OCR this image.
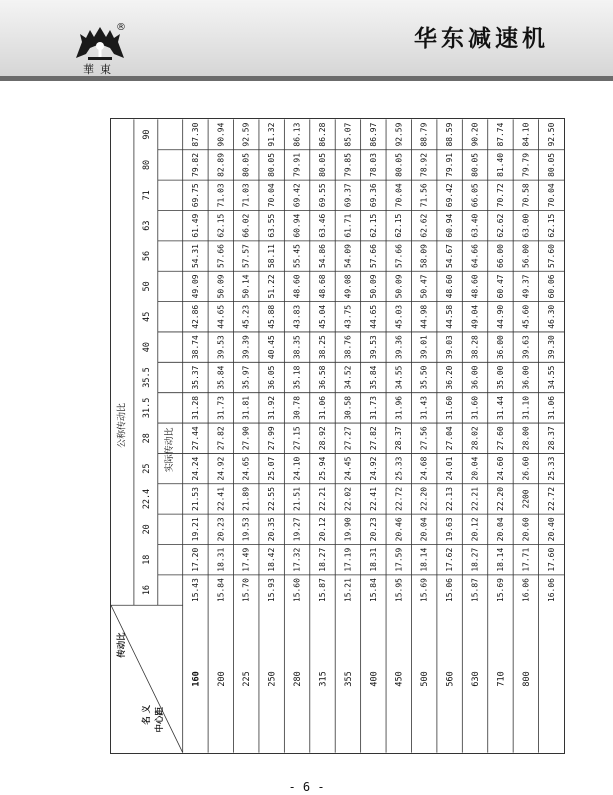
®
華東
华东减速机
公称传动比
实际传动比
16
18
20
22.4
25
28
31.5
35.5
40
45
50
56
63
71
80
90
传动比
名 义 中心距
160
15.43
17.20
19.21
21.53
24.24
27.44
31.28
35.37
38.74
42.86
49.09
54.31
61.49
69.75
79.82
87.30
200
15.84
18.31
20.23
22.41
24.92
27.82
31.73
35.84
39.53
44.65
50.09
57.66
62.15
71.03
82.89
90.94
225
15.70
17.49
19.53
21.89
24.65
27.90
31.81
35.97
39.39
45.23
50.14
57.57
66.02
71.03
80.05
92.59
250
15.93
18.42
20.35
22.55
25.07
27.99
31.92
36.05
40.45
45.88
51.22
58.11
63.55
70.04
80.05
91.32
280
15.60
17.32
19.27
21.51
24.10
27.15
30.78
35.18
38.35
43.83
48.60
55.45
60.94
69.42
79.91
86.13
315
15.87
18.27
20.12
22.21
25.94
28.92
31.06
36.58
38.25
45.04
48.68
54.86
63.46
69.55
80.05
86.28
355
15.21
17.19
19.90
22.02
24.45
27.27
30.58
34.52
38.76
43.75
49.08
54.09
61.71
69.37
79.85
85.07
400
15.84
18.31
20.23
22.41
24.92
27.82
31.73
35.84
39.53
44.65
50.09
57.66
62.15
69.36
78.03
86.97
450
15.95
17.59
20.46
22.72
25.33
28.37
31.96
34.55
39.36
45.03
50.09
57.66
62.15
70.04
80.05
92.59
500
15.69
18.14
20.04
22.20
24.68
27.56
31.43
35.50
39.01
44.98
50.47
58.09
62.62
71.56
78.92
88.79
560
15.06
17.62
19.63
22.13
24.01
27.04
31.60
36.20
39.03
44.58
48.60
54.67
60.94
69.42
79.91
88.59
630
15.87
18.27
20.12
22.21
20.04
28.02
31.60
36.00
38.28
49.04
48.60
64.66
63.40
66.05
80.05
90.20
710
15.69
18.14
20.04
22.20
24.60
27.60
31.44
35.00
36.00
44.90
60.47
66.00
62.62
70.72
81.40
87.74
800
16.06
17.71
20.60
2200
26.60
28.00
31.10
36.00
39.63
45.60
49.37
56.00
63.00
70.58
79.79
84.10
16.06
17.60
20.40
22.72
25.33
28.37
31.06
34.55
39.30
46.30
60.06
57.60
62.15
70.04
80.05
92.50
- 6 -
